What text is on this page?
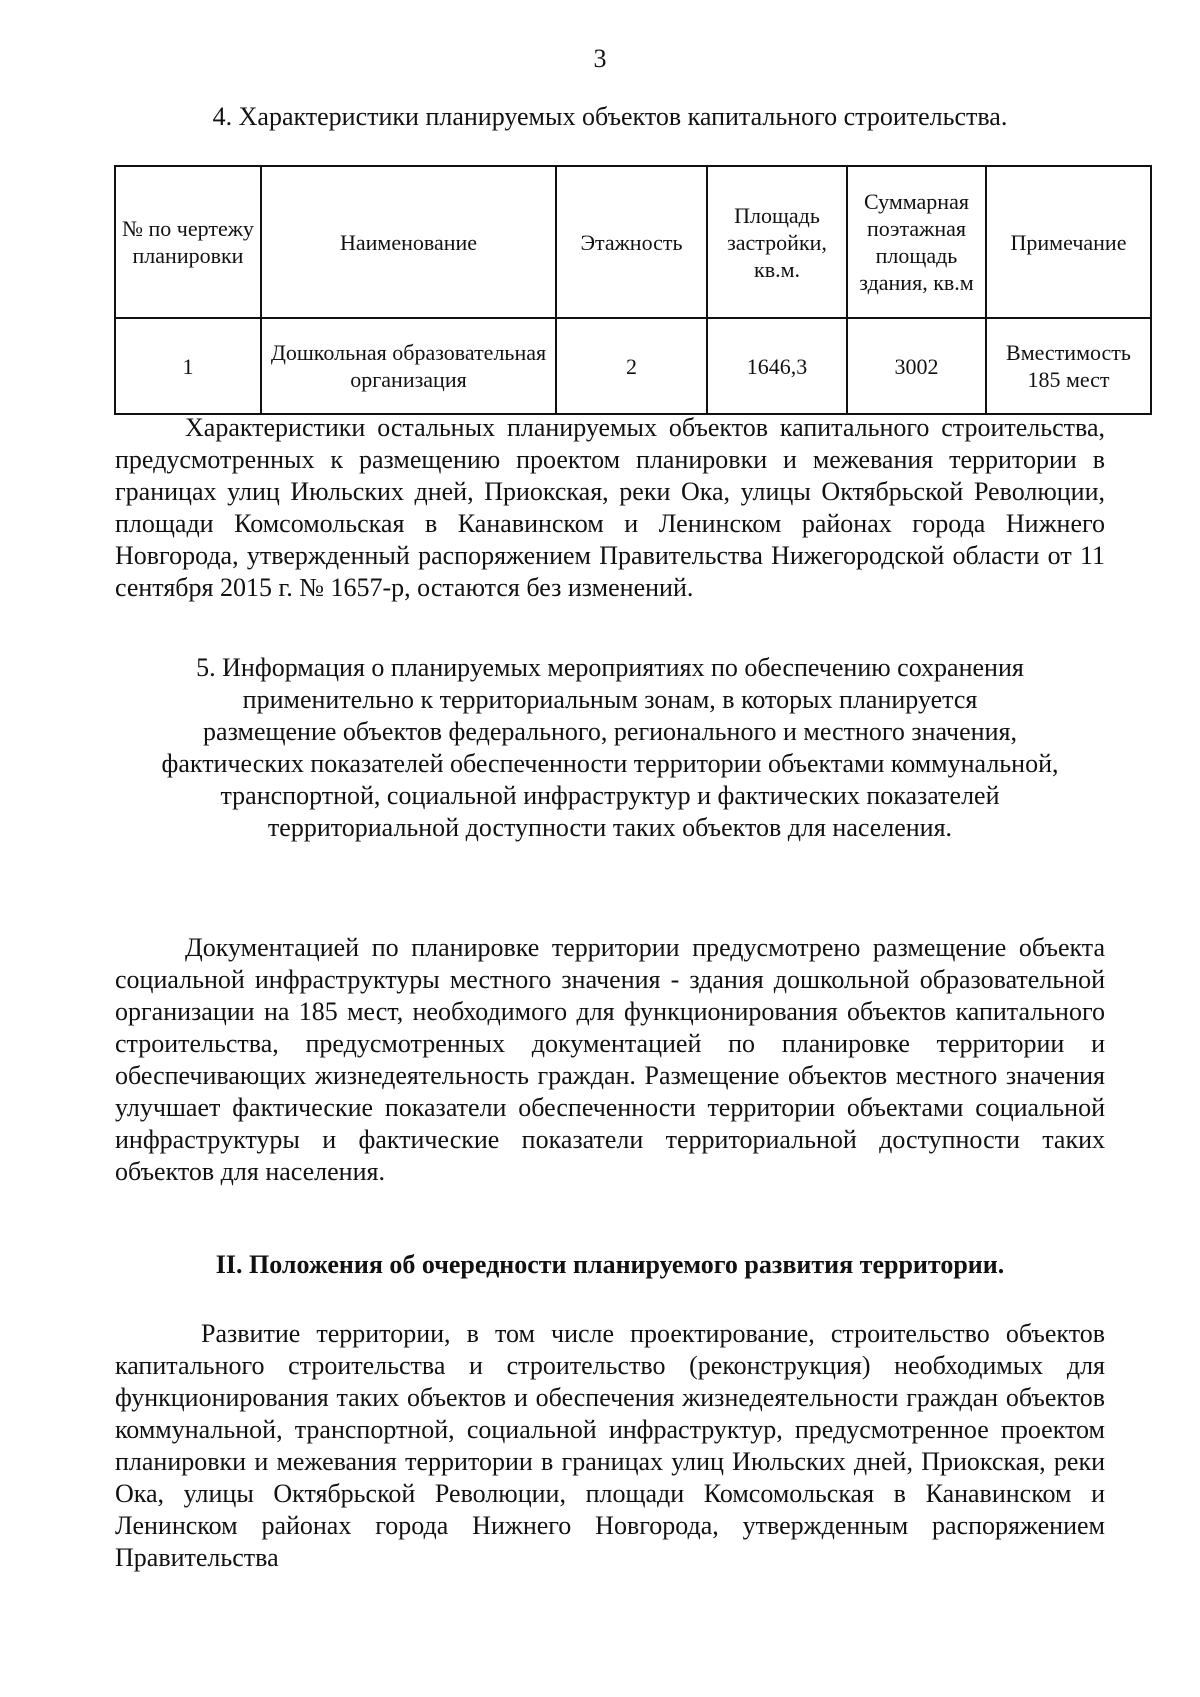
3
4. Характеристики планируемых объектов капитального строительства.
№ по чертежу планировки	Наименование	Этажность	Площадь застройки, кв.м.	Суммарная поэтажная площадь здания, кв.м	Примечание
1	Дошкольная образовательная организация	2	1646,3	3002	Вместимость 185 мест

Характеристики остальных планируемых объектов капитального строительства, предусмотренных к размещению проектом планировки и межевания территории в границах улиц Июльских дней, Приокская, реки Ока, улицы Октябрьской Революции, площади Комсомольская в Канавинском и Ленинском районах города Нижнего Новгорода, утвержденный распоряжением Правительства Нижегородской области от 11 сентября 2015 г. № 1657-р, остаются без изменений.

5. Информация о планируемых мероприятиях по обеспечению сохранения
применительно к территориальным зонам, в которых планируется
размещение объектов федерального, регионального и местного значения,
фактических показателей обеспеченности территории объектами коммунальной,
транспортной, социальной инфраструктур и фактических показателей
территориальной доступности таких объектов для населения.

Документацией по планировке территории предусмотрено размещение объекта социальной инфраструктуры местного значения - здания дошкольной образовательной организации на 185 мест, необходимого для функционирования объектов капитального строительства, предусмотренных документацией по планировке территории и обеспечивающих жизнедеятельность граждан. Размещение объектов местного значения улучшает фактические показатели обеспеченности территории объектами социальной инфраструктуры и фактические показатели территориальной доступности таких объектов для населения.

II. Положения об очередности планируемого развития территории.

Развитие территории, в том числе проектирование, строительство объектов капитального строительства и строительство (реконструкция) необходимых для функционирования таких объектов и обеспечения жизнедеятельности граждан объектов коммунальной, транспортной, социальной инфраструктур, предусмотренное проектом планировки и межевания территории в границах улиц Июльских дней, Приокская, реки Ока, улицы Октябрьской Революции, площади Комсомольская в Канавинском и Ленинском районах города Нижнего Новгорода, утвержденным распоряжением Правительства
